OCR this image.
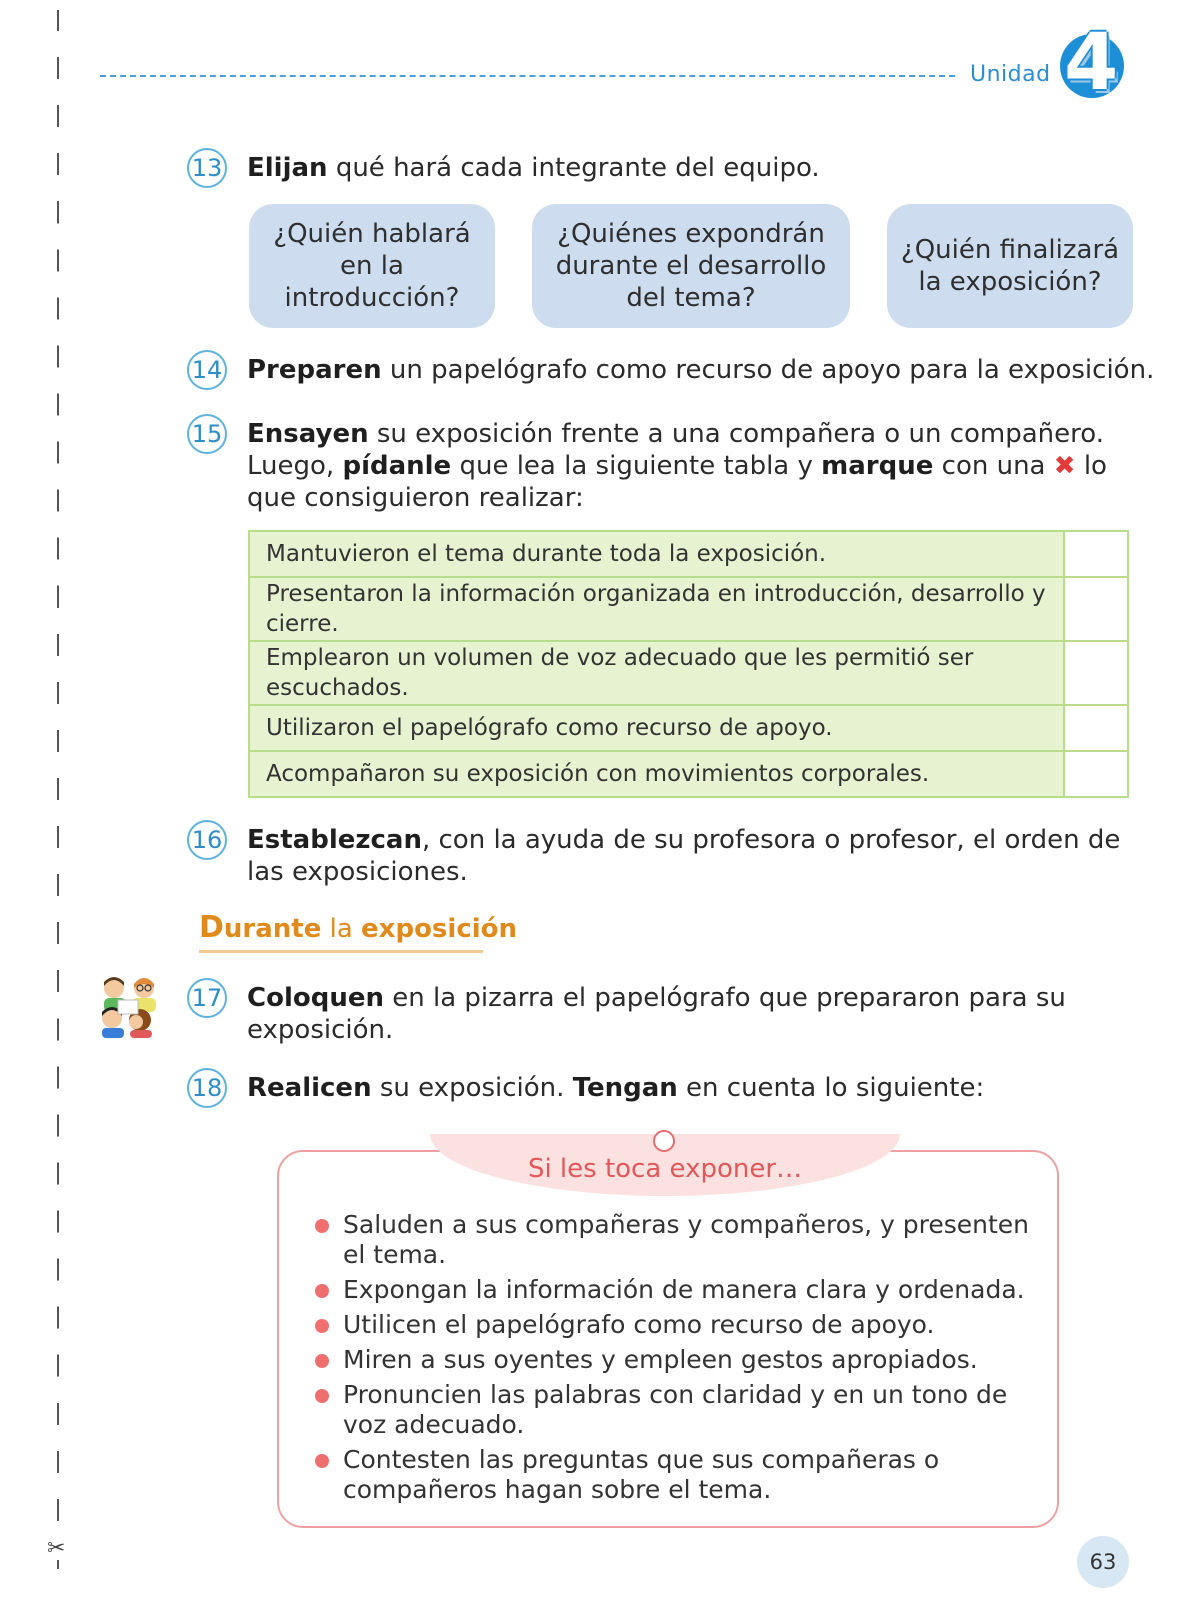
✂
Unidad 4
13 Elijan qué hará cada integrante del equipo.
¿Quién hablará en la introducción?
¿Quiénes expondrán durante el desarrollo del tema?
¿Quién finalizará la exposición?
14 Preparen un papelógrafo como recurso de apoyo para la exposición.
15 Ensayen su exposición frente a una compañera o un compañero.
Luego, pídanle que lea la siguiente tabla y marque con una ✖ lo
que consiguieron realizar:
Mantuvieron el tema durante toda la exposición.	
Presentaron la información organizada en introducción, desarrollo y cierre.	
Emplearon un volumen de voz adecuado que les permitió ser escuchados.	
Utilizaron el papelógrafo como recurso de apoyo.	
Acompañaron su exposición con movimientos corporales.	
16 Establezcan, con la ayuda de su profesora o profesor, el orden de las exposiciones.
Durante la exposición
17 Coloquen en la pizarra el papelógrafo que prepararon para su exposición.
18 Realicen su exposición. Tengan en cuenta lo siguiente:
Si les toca exponer…
Saluden a sus compañeras y compañeros, y presenten el tema.
Expongan la información de manera clara y ordenada.
Utilicen el papelógrafo como recurso de apoyo.
Miren a sus oyentes y empleen gestos apropiados.
Pronuncien las palabras con claridad y en un tono de voz adecuado.
Contesten las preguntas que sus compañeras o compañeros hagan sobre el tema.
63
